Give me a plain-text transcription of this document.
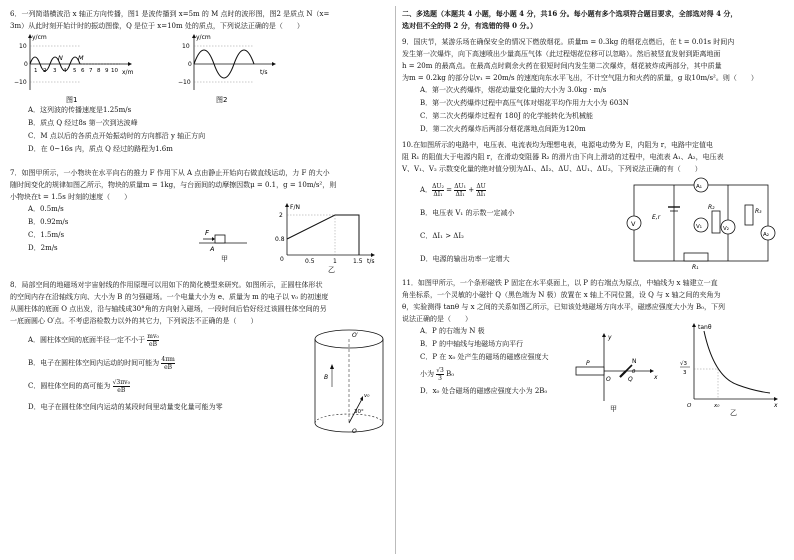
6．一列简谐横波沿 x 轴正方向传播，图1 是波传播到 x=5m 的 M 点时的波形图，图2 是质点 N（x=

3m）从此时刻开始计时的振动图像，Q 是位于 x=10m 处的质点，下列说法正确的是（　　）

y/cm
x/m
10
0
−10
1 2 3 4 5 6 7 8 9 10
N M
图1
y/cm
t/s
10
0
−10
图2

A．这列波的传播速度是1.25m/s

B．质点 Q 经过8s 第一次到达波峰

C．M 点以后的各质点开始振动时的方向都沿 y 轴正方向

D．在 0~16s 内，质点 Q 经过的路程为1.6m

7．如图甲所示，一小物块在水平向右的推力 F 作用下从 A 点由静止开始向右做直线运动，力 F 的大小

随时间变化的规律如图乙所示，物块的质量m = 1kg，与台面间的动摩擦因数μ = 0.1，g = 10m/s²，则

小物块在t = 1.5s 时刻的速度（　　）

A．0.5m/s

B．0.92m/s

C．1.5m/s

D．2m/s

F
A
甲
F/N
t/s
2
0.8
0	0.5	1	1.5
乙

8．局部空间的地磁场对宇宙射线的作用原理可以用如下的简化模型来研究。如图所示，正圆柱体形状

的空间内存在沿轴线方向、大小为 B 的匀强磁场。一个电量大小为 e、质量为 m 的电子以 v₀ 的初速度

从圆柱体的底面 O 点出发，沿与轴线成30°角的方向射入磁场，一段时间后恰好经过该圆柱体空间的另

一底面圆心 O′点。不考虑浴检数力以外的其它力，下列说法不正确的是（　　）

A．圆柱体空间的底面半径一定不小于 $\frac{\text{mv₀}}{eB}$

B．电子在圆柱体空间内运动的时间可能为 $\frac{4\pi m}{eB}$

C．圆柱体空间的高可能为 $\frac{\text{√3πv₀}}{eB}$

D．电子在圆柱体空间内运动的某段时间里动量变化量可能为零

O′
O
30°
B
v₀

二、多选题（本题共 4 小题，每小题 4 分，共16 分。每小题有多个选项符合题目要求，全部选对得 4 分，

选对但不全的得 2 分，有选错的得 0 分。）

9．国庆节，某游乐场在确保安全的情况下燃放烟花。质量m = 0.3kg 的烟花点燃后，在 t = 0.01s 时间内

发生第一次爆炸，向下高速喷出少量高压气体（此过程烟花位移可以忽略）。然后被竖直发射到距离地面

h = 20m 的最高点。在最高点时剩余火药在很短时间内发生第二次爆炸，烟花被炸成两部分，其中质量

为m = 0.2kg 的部分以v₁ = 20m/s 的速度向东水平飞出，不计空气阻力和火药的质量，g 取10m/s²。则（　　）

A．第一次火药爆炸，烟花动量变化量的大小为 3.0kg · m/s

B．第一次火药爆炸过程中高压气体对烟花平均作用力大小为 603N

C．第二次火药爆炸过程有 180J 的化学能转化为机械能

D．第二次火药爆炸后两部分烟花落地点间距为120m

10.在如图所示的电路中，电压表、电流表均为理想电表，电源电动势为 E，内阻为 r，电路中定值电

阻 R₁ 的阻值大于电源内阻 r，在滑动变阻器 R₂ 的滑片由下向上滑动的过程中，电流表 A₁、A₂，电压表

V、V₁、V₂ 示数变化量的绝对值分别为ΔI₁、ΔI₂、ΔU、ΔU₁、ΔU₂，下列说法正确的有（　　）

A． $\frac{\text{ΔU₂}}{\text{ΔI₁}} = \frac{\text{ΔU₁}}{\text{ΔI₁}} + \frac{\Delta U}{\text{ΔI₁}}$

B．电压表 V₁ 的示数一定减小

C．ΔI₁ > ΔI₂

D．电源的输出功率一定增大

V
A₁
A₂
V₁	V₂
E,r
R₁
R₂
R₃

11．如图甲所示，一个条形磁铁 P 固定在水平桌面上，以 P 的右端点为原点，中轴线为 x 轴建立一直

角坐标系，一个灵敏的小磁针 Q（黑色端为 N 极）放置在 x 轴上不同位置，设 Q 与 x 轴之间的夹角为

θ，实验测得 tanθ 与 x 之间的关系如图乙所示，已知该处地磁场方向水平，磁感应强度大小为 B₀，下列

说法正确的是（　　）

A．P 的右端为 N 极

B．P 的中轴线与地磁场方向平行

C．P 在 x₀ 处产生的磁场的磁感应强度大

小为 $\frac{√3}{3} B_0$

D．x₀ 处合磁场的磁感应强度大小为 2B₀

y
x
O
P
Q
N
θ
甲
tanθ
x
√3
3
x₀
O
乙
